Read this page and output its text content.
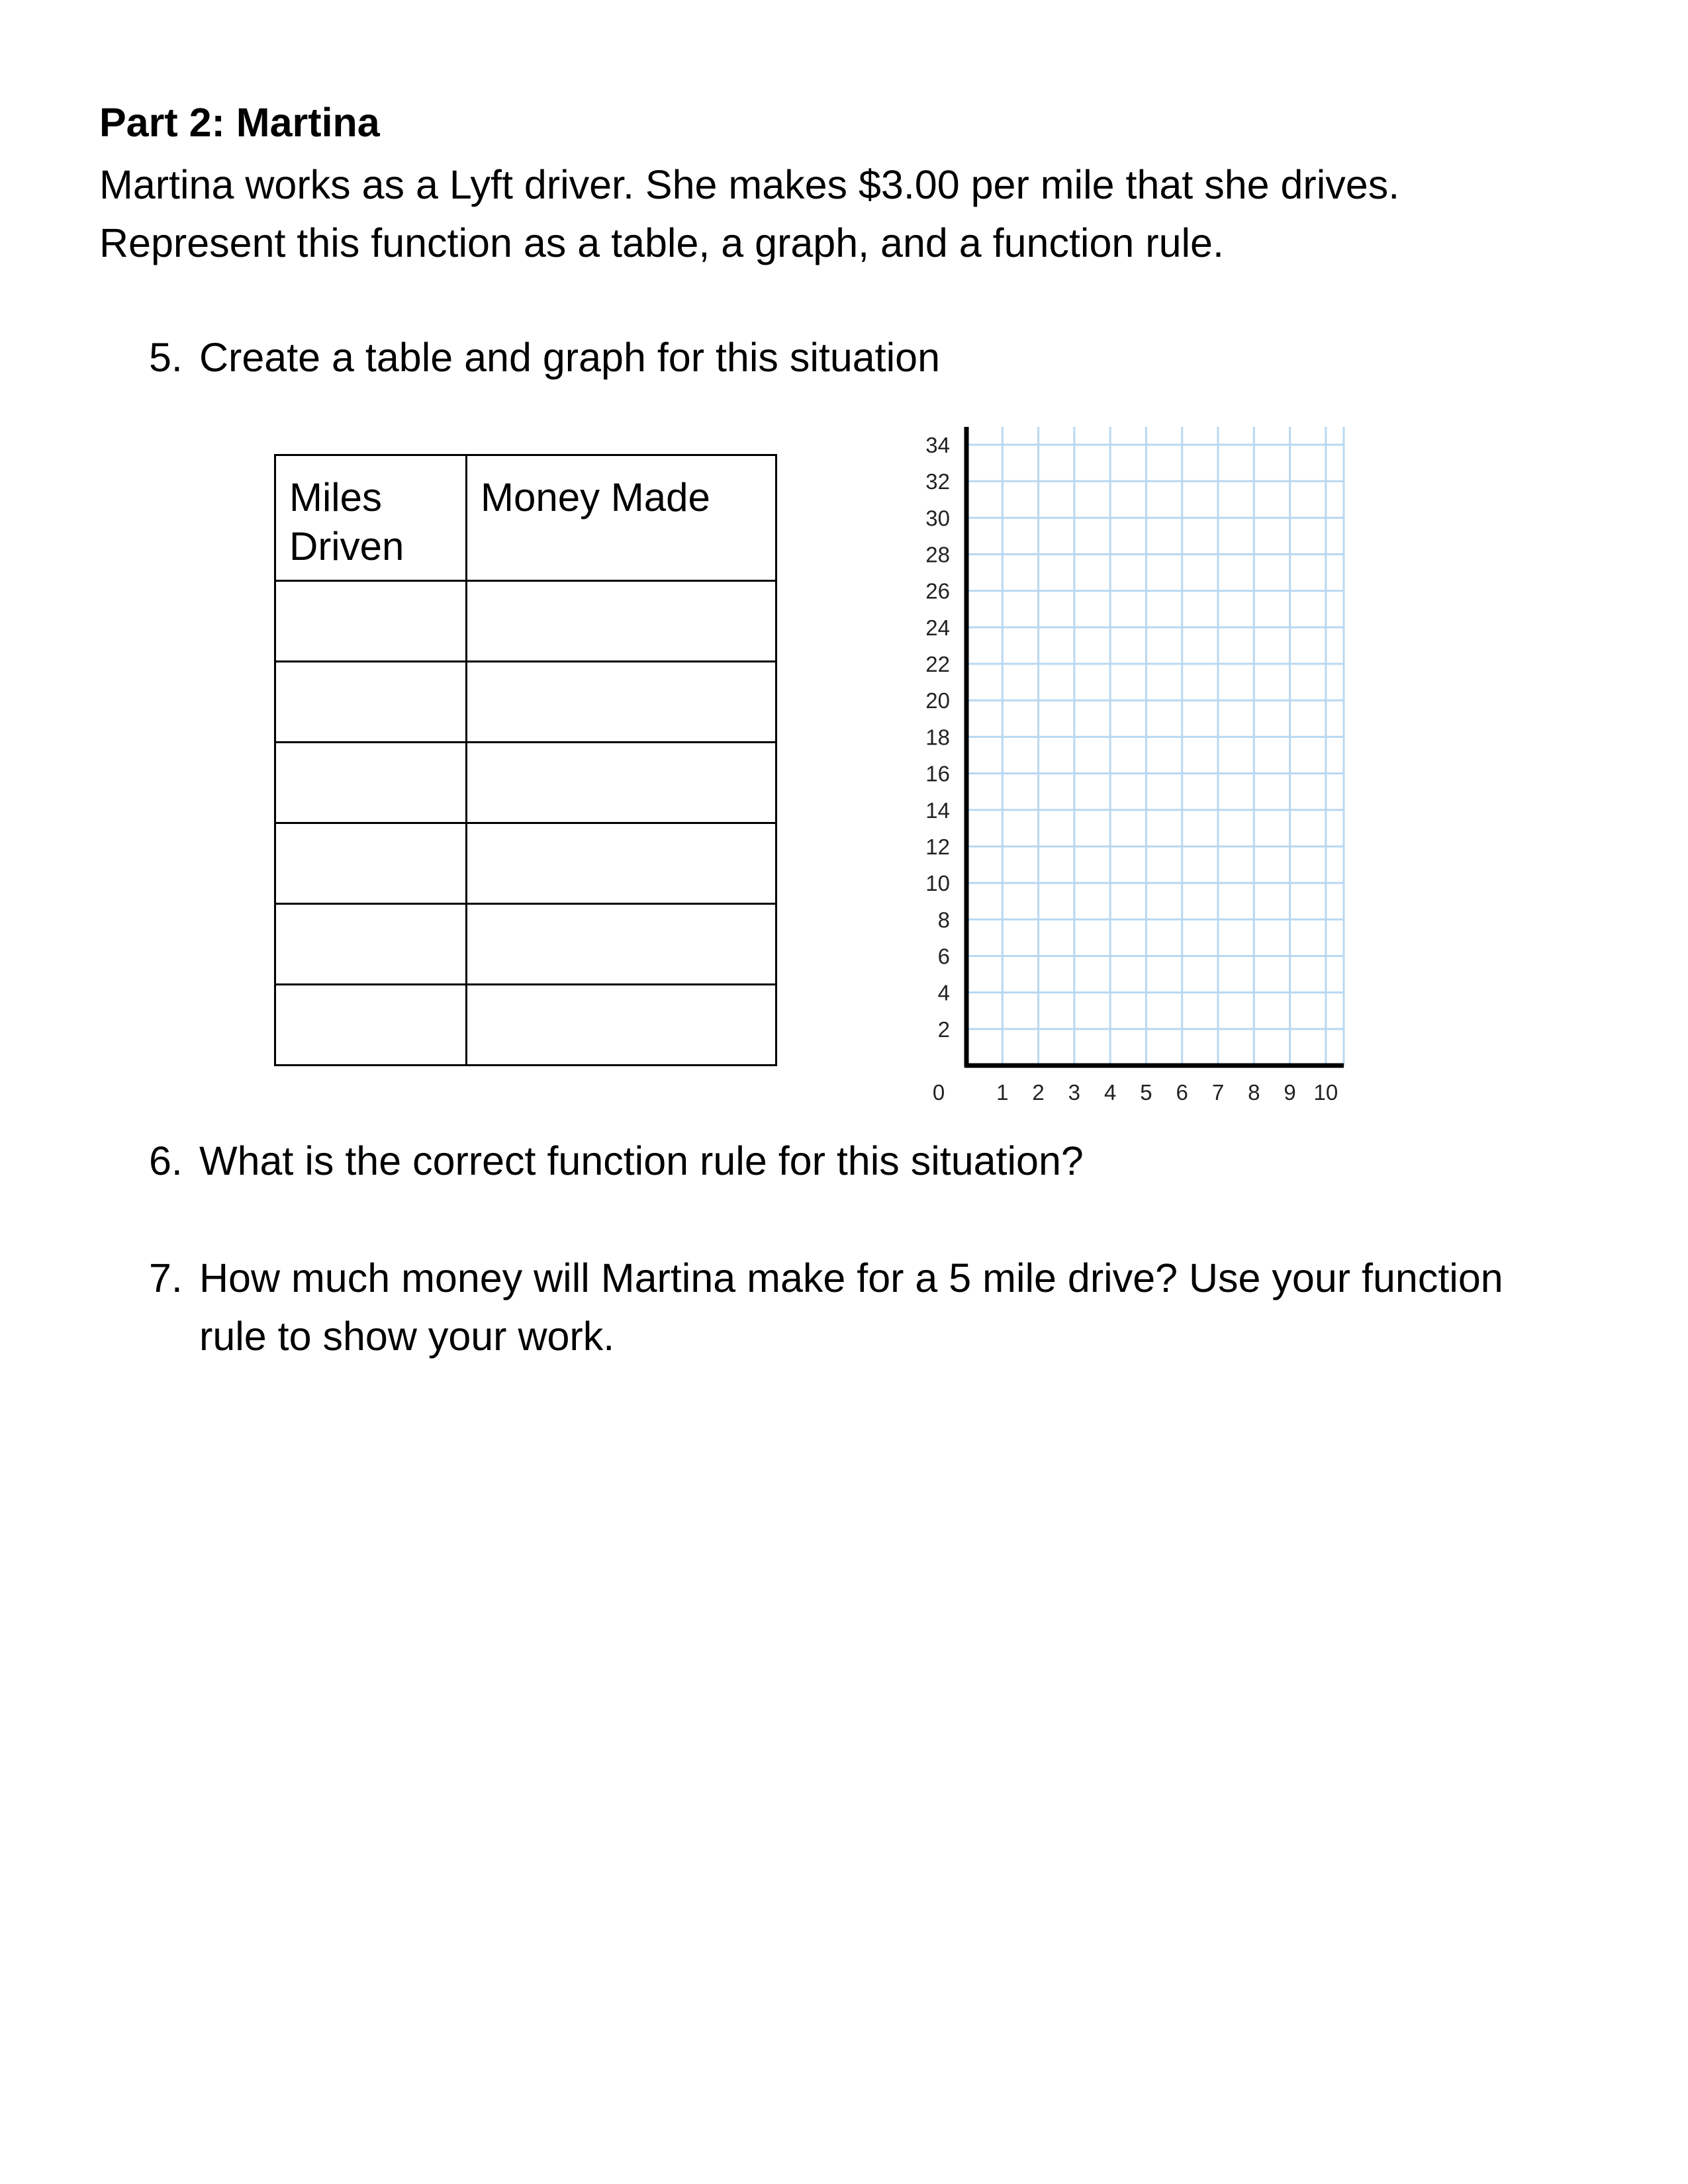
Part 2: Martina
Martina works as a Lyft driver. She makes $3.00 per mile that she drives.
Represent this function as a table, a graph, and a function rule.
5. Create a table and graph for this situation
Miles
Driven	Money Made

2
4
6
8
10
12
14
16
18
20
22
24
26
28
30
32
34
0 1 2 3 4 5 6 7 8 9 10
6. What is the correct function rule for this situation?
7. How much money will Martina make for a 5 mile drive? Use your function
rule to show your work.
